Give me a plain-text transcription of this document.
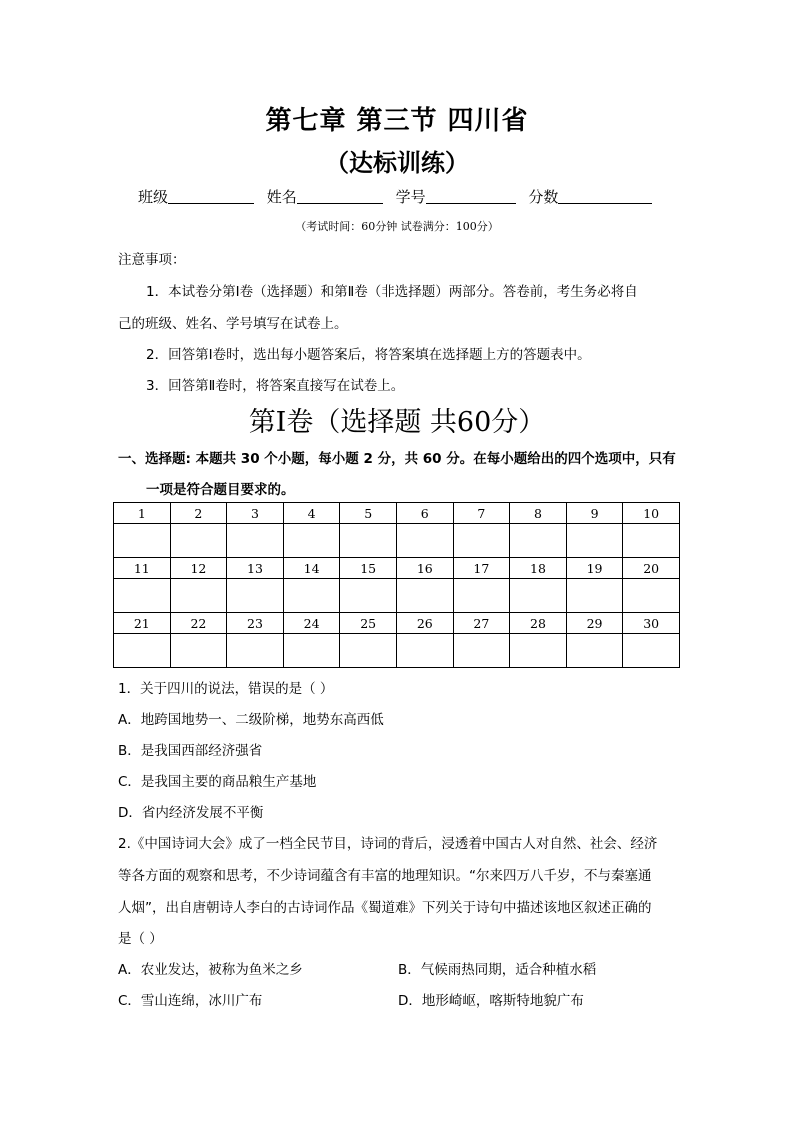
第七章 第三节 四川省
（达标训练）
班级	姓名	学号	分数
（考试时间：60分钟 试卷满分：100分）
注意事项：
1．本试卷分第Ⅰ卷（选择题）和第Ⅱ卷（非选择题）两部分。答卷前，考生务必将自
己的班级、姓名、学号填写在试卷上。
2．回答第Ⅰ卷时，选出每小题答案后，将答案填在选择题上方的答题表中。
3．回答第Ⅱ卷时，将答案直接写在试卷上。
第Ⅰ卷（选择题 共60分）
一、选择题: 本题共 30 个小题，每小题 2 分，共 60 分。在每小题给出的四个选项中，只有
一项是符合题目要求的。
1	2	3	4	5	6	7	8	9	10

11	12	13	14	15	16	17	18	19	20

21	22	23	24	25	26	27	28	29	30

1．关于四川的说法，错误的是（ ）
A．地跨国地势一、二级阶梯，地势东高西低
B．是我国西部经济强省
C．是我国主要的商品粮生产基地
D．省内经济发展不平衡
2.《中国诗词大会》成了一档全民节目，诗词的背后，浸透着中国古人对自然、社会、经济
等各方面的观察和思考，不少诗词蕴含有丰富的地理知识。“尔来四万八千岁，不与秦塞通
人烟”，出自唐朝诗人李白的古诗词作品《蜀道难》下列关于诗句中描述该地区叙述正确的
是（ ）
A．农业发达，被称为鱼米之乡	B．气候雨热同期，适合种植水稻
C．雪山连绵，冰川广布	D．地形崎岖，喀斯特地貌广布
